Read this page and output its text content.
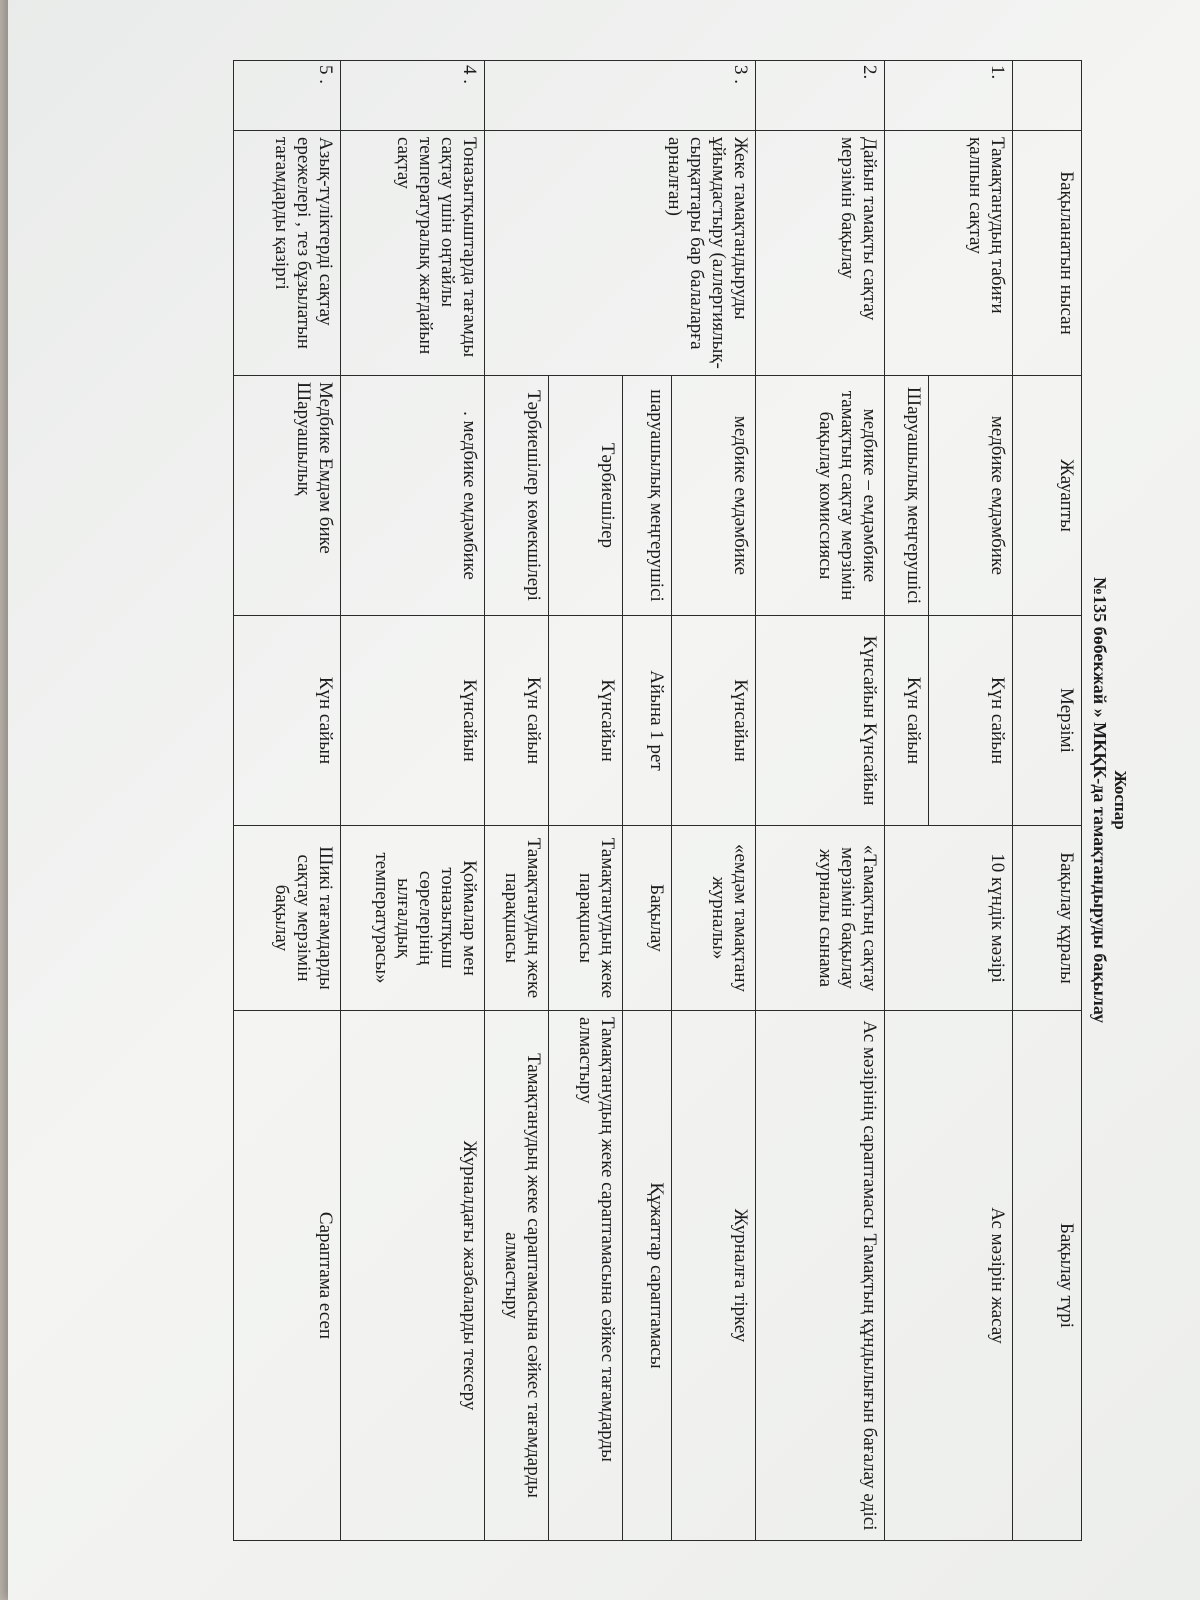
Жоспар
№135 бөбекжай » МКҚК-да тамақтандыруды бақылау
	Бақыланатын нысан	Жауапты	Мерзімі	Бақылау құралы	Бақылау түрі
1.	Тамақтанудың табиғи қалпын сақтау	медбике емдәмбике	Күн сайын	10 күндік мәзірі	Ас мәзірін жасау
		Шаруашылық меңгерушісі	Күн сайын		
2.	Дайын тамақты сақтау мерзімін бақылау	медбике – емдәмбике тамақтың сақтау мерзімін бақылау комиссиясы	Күнсайын Күнсайын	«Тамақтың сақтау мерзімін бақылау журналы сынама	Ас мәзірінің сараптамасы Тамақтың құндылығын бағалау әдісі
3 .	Жеке тамақтандыруды ұйымдастыру (аллергиялық-сырқаттары бар балаларға арналған)	медбике емдәмбике	Күнсайын	«емдәм тамақтану журналы»	Журналға тіркеу
		шаруашылық меңгерушісі	Айына 1 рет	Бақылау	Құжаттар сараптамасы
		Тәрбиешілер	Күнсайын	Тамақтанудың жеке парақшасы	Тамақтанудың жеке сараптамасына сәйкес тағамдарды алмастыру
		Тәрбиешілер көмекшілері	Күн сайын	Тамақтанудың жеке парақшасы	Тамақтанудың жеке сараптамасына сәйкес тағамдарды алмастыру
4 .	Тоназытқыштарда тағамды сақтау үшін оңтайлы температуралық жағдайын сақтау	. медбике емдәмбике	Күнсайын	Қоймалар мен тоназытқыш сөрелерінің ылғалдық температурасы»	Журналдағы жазбаларды тексеру
5 .	Азық-түліктерді сақтау ережелері , тез бұзылатын тағамдарды қазіргі	Медбике Емдәм бике Шаруашылық	Күн сайын	Шикі тағамдарды сақтау мерзімін бақылау	Сараптама есеп
